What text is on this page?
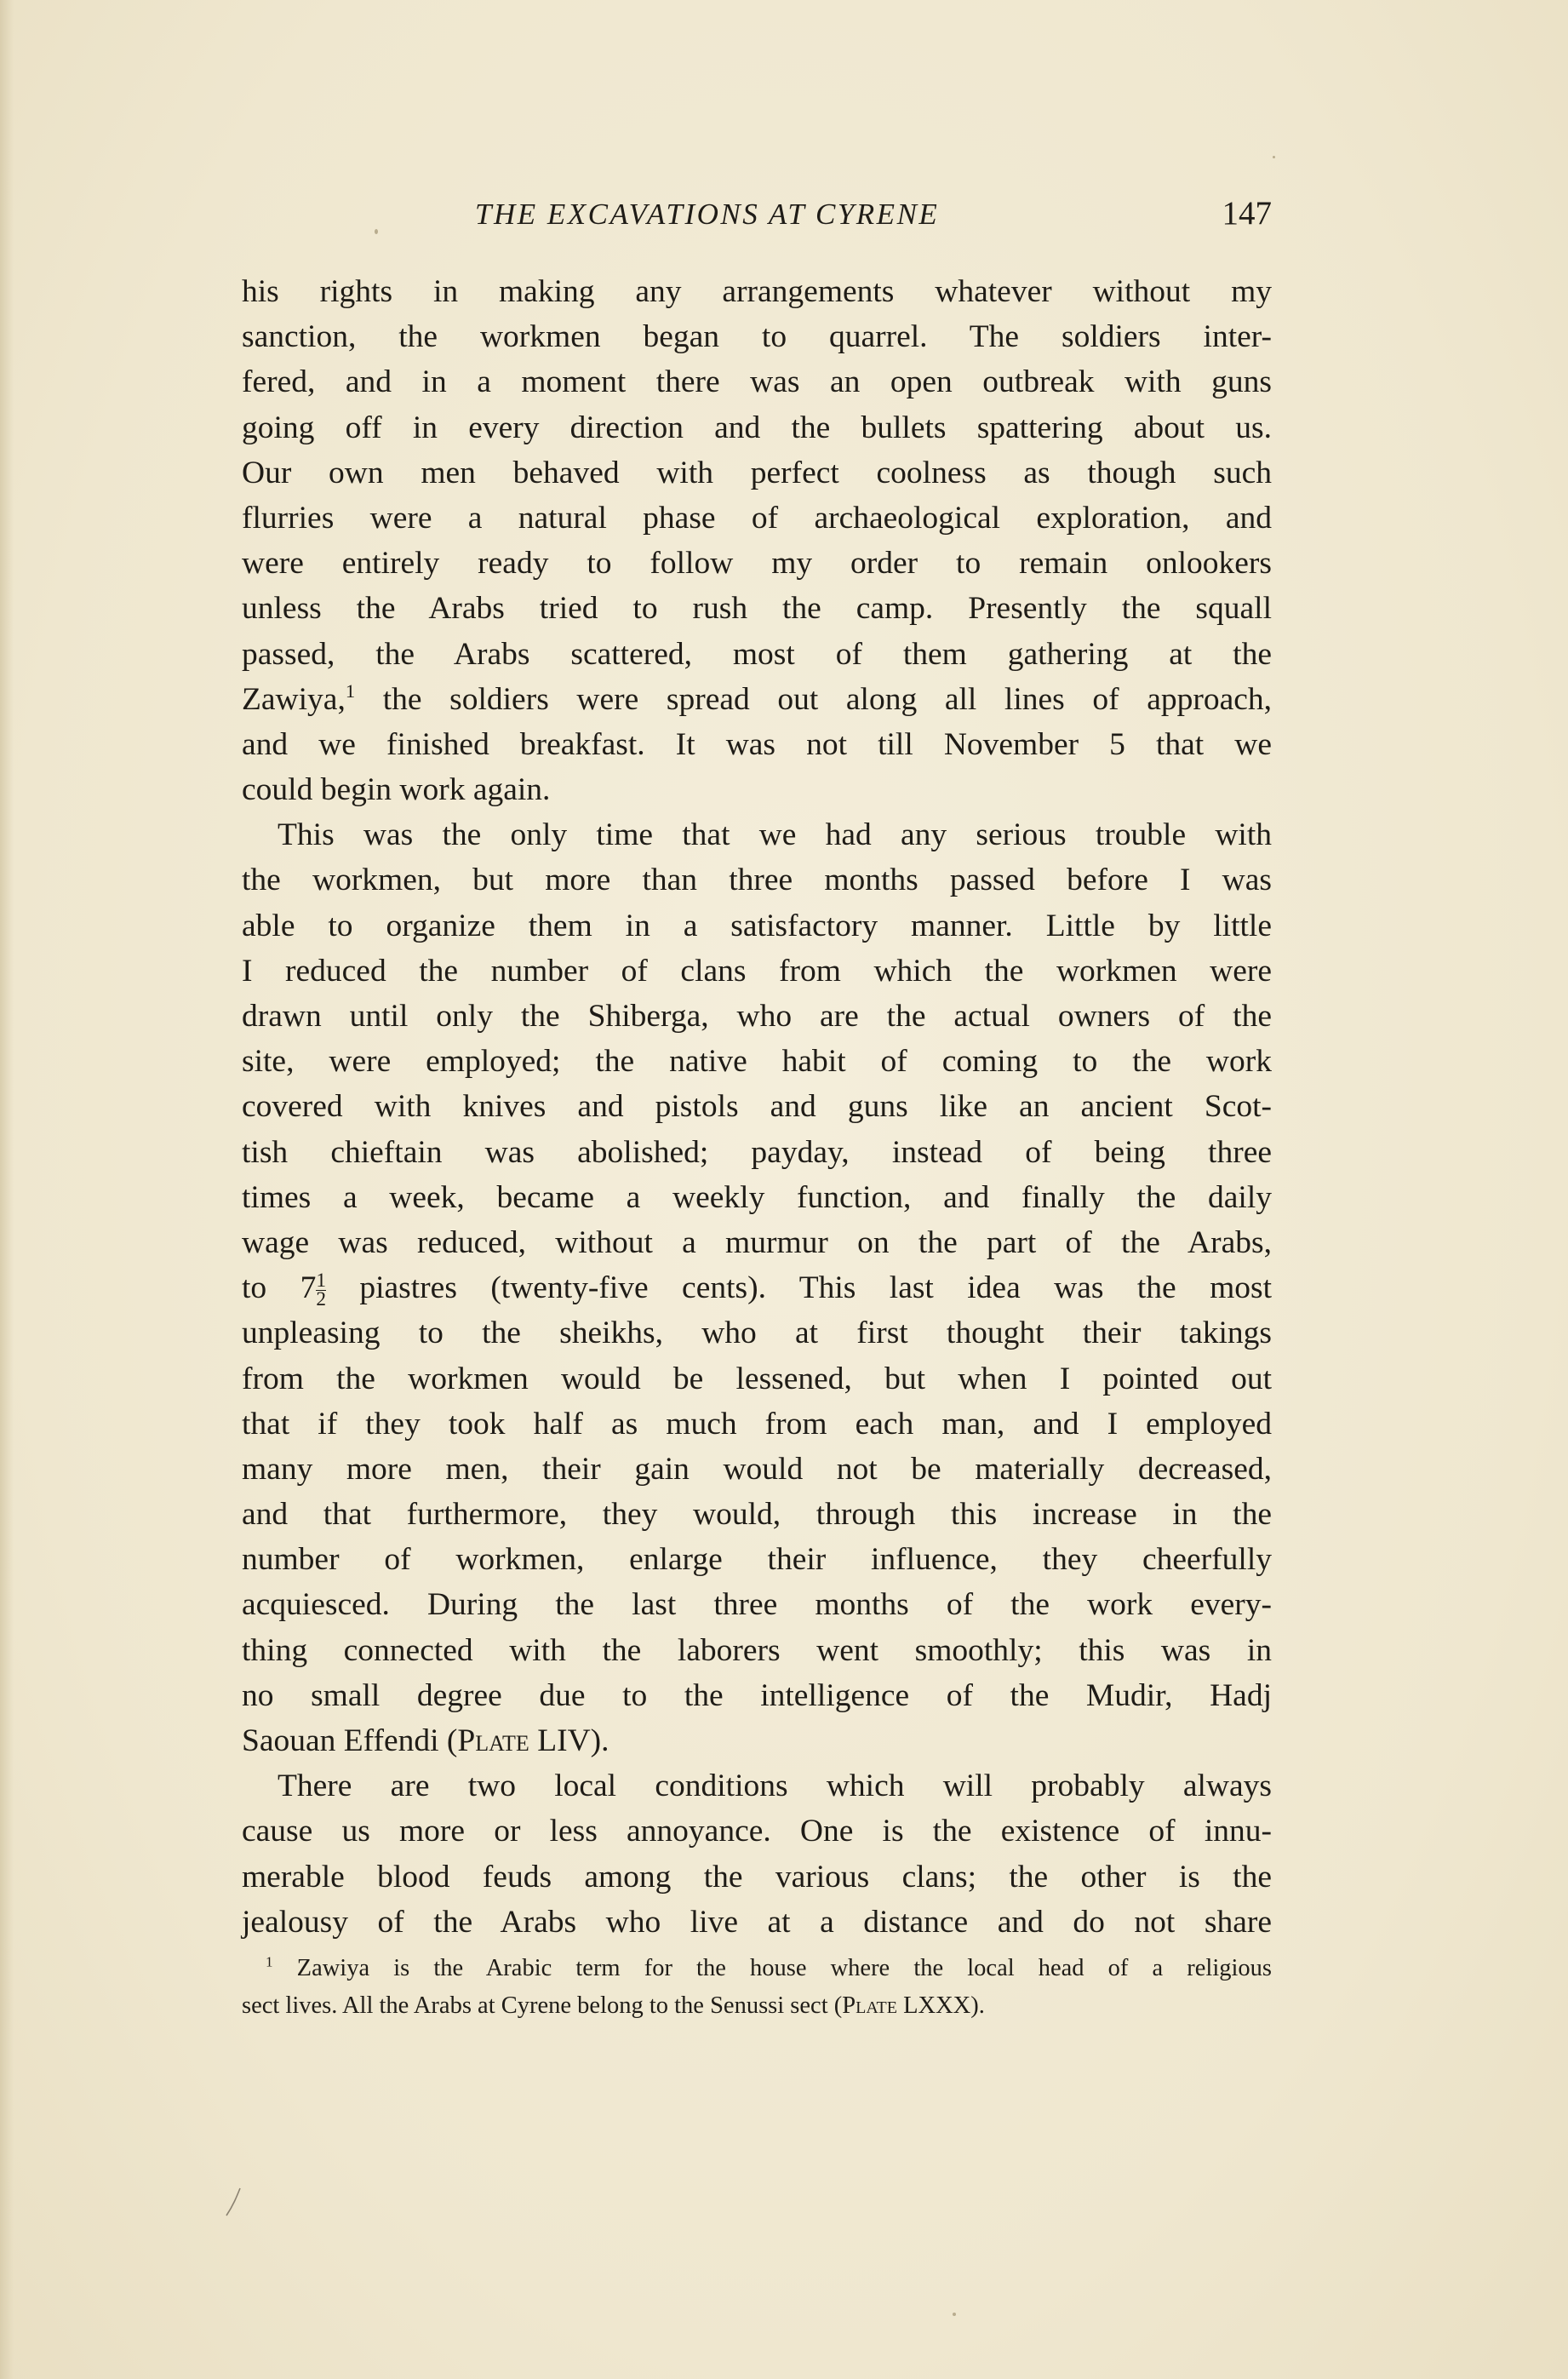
THE EXCAVATIONS AT CYRENE	147
his rights in making any arrangements whatever without my
sanction, the workmen began to quarrel. The soldiers inter-
fered, and in a moment there was an open outbreak with guns
going off in every direction and the bullets spattering about us.
Our own men behaved with perfect coolness as though such
flurries were a natural phase of archaeological exploration, and
were entirely ready to follow my order to remain onlookers
unless the Arabs tried to rush the camp. Presently the squall
passed, the Arabs scattered, most of them gathering at the
Zawiya,$^1$ the soldiers were spread out along all lines of approach,
and we finished breakfast. It was not till November 5 that we
could begin work again.
This was the only time that we had any serious trouble with
the workmen, but more than three months passed before I was
able to organize them in a satisfactory manner. Little by little
I reduced the number of clans from which the workmen were
drawn until only the Shiberga, who are the actual owners of the
site, were employed; the native habit of coming to the work
covered with knives and pistols and guns like an ancient Scot-
tish chieftain was abolished; payday, instead of being three
times a week, became a weekly function, and finally the daily
wage was reduced, without a murmur on the part of the Arabs,
to $7 \frac{1}{2}$ piastres (twenty-five cents). This last idea was the most
unpleasing to the sheikhs, who at first thought their takings
from the workmen would be lessened, but when I pointed out
that if they took half as much from each man, and I employed
many more men, their gain would not be materially decreased,
and that furthermore, they would, through this increase in the
number of workmen, enlarge their influence, they cheerfully
acquiesced. During the last three months of the work every-
thing connected with the laborers went smoothly; this was in
no small degree due to the intelligence of the Mudir, Hadj
Saouan Effendi (Plate LIV).
There are two local conditions which will probably always
cause us more or less annoyance. One is the existence of innu-
merable blood feuds among the various clans; the other is the
jealousy of the Arabs who live at a distance and do not share
$^1$ Zawiya is the Arabic term for the house where the local head of a religious
sect lives. All the Arabs at Cyrene belong to the Senussi sect (Plate LXXX).
